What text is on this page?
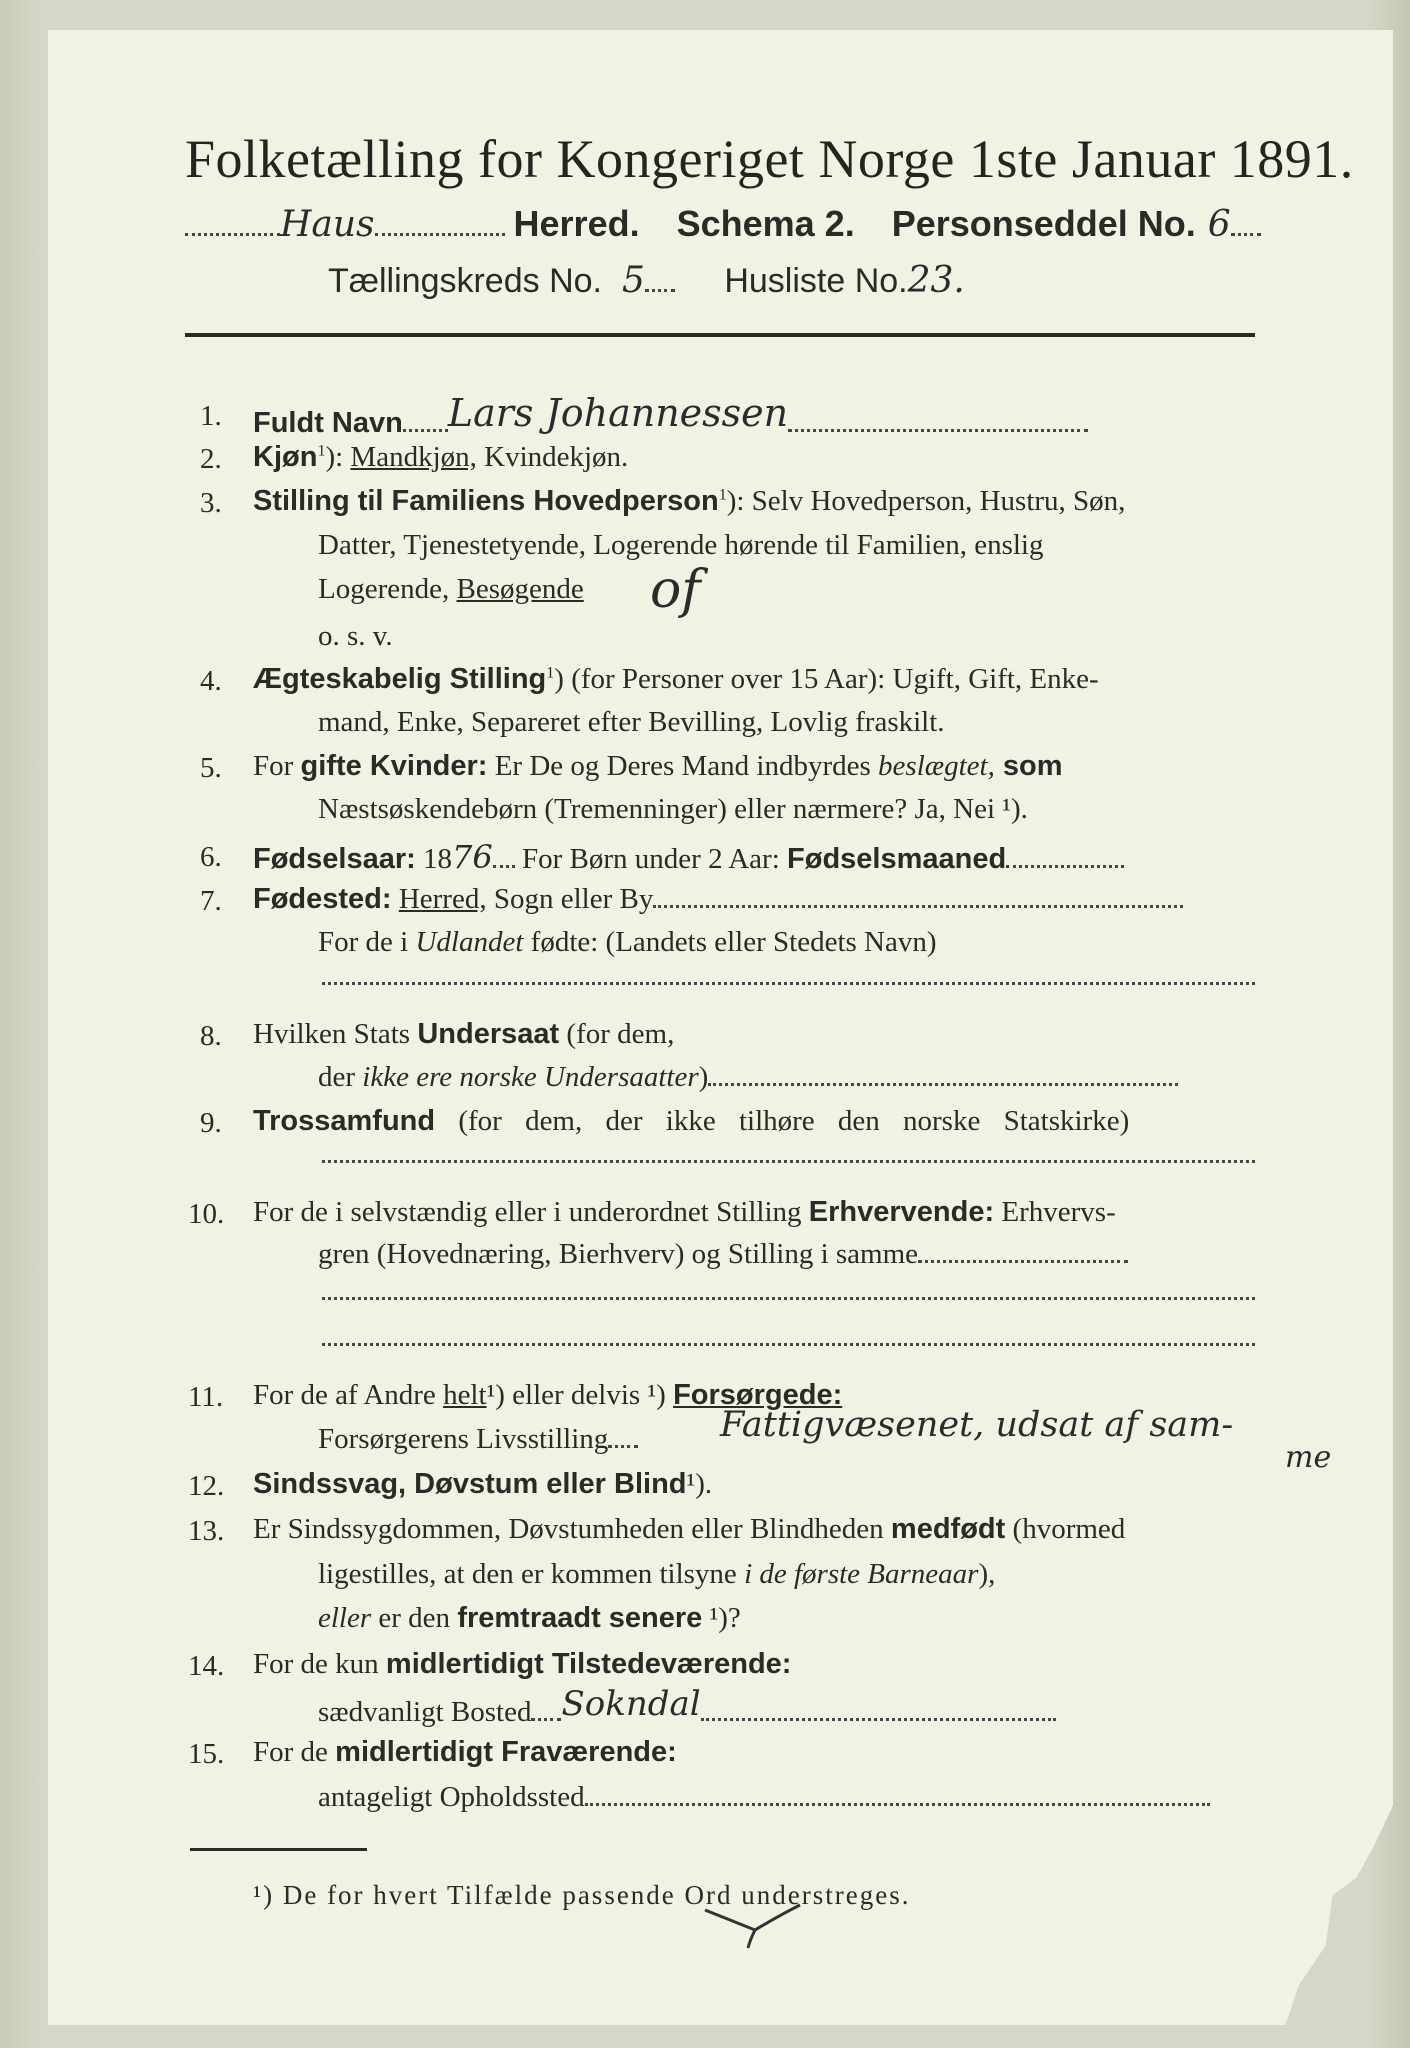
Folketælling for Kongeriget Norge 1ste Januar 1891.
Haus	Herred. Schema 2. Personseddel No. 6
Tællingskreds No. 5 Husliste No.23.
1. Fuldt Navn Lars Johannessen
2. Kjøn$^1$): Mandkjøn, Kvindekjøn.
3. Stilling til Familiens Hovedperson$^1$): Selv Hovedperson, Hustru, Søn,
Datter, Tjenestetyende, Logerende hørende til Familien, enslig
Logerende, Besøgende of
o. s. v.
4. Ægteskabelig Stilling$^1$) (for Personer over 15 Aar): Ugift, Gift, Enke-
mand, Enke, Separeret efter Bevilling, Lovlig fraskilt.
5. For gifte Kvinder: Er De og Deres Mand indbyrdes beslægtet, som
Næstsøskendebørn (Tremenninger) eller nærmere? Ja, Nei ¹).
6. Fødselsaar: 1876 For Børn under 2 Aar: Fødselsmaaned
7. Fødested: Herred, Sogn eller By
For de i Udlandet fødte: (Landets eller Stedets Navn)
8. Hvilken Stats Undersaat (for dem,
der ikke ere norske Undersaatter)
9. Trossamfund (for dem, der ikke tilhøre den norske Statskirke)
10. For de i selvstændig eller i underordnet Stilling Erhvervende: Erhvervs-
gren (Hovednæring, Bierhverv) og Stilling i samme
11. For de af Andre helt¹) eller delvis ¹) Forsørgede:
Forsørgerens Livsstilling	Fattigvæsenet, udsat af sam-
me
12. Sindssvag, Døvstum eller Blind¹).
13. Er Sindssygdommen, Døvstumheden eller Blindheden medfødt (hvormed
ligestilles, at den er kommen tilsyne i de første Barneaar),
eller er den fremtraadt senere ¹)?
14. For de kun midlertidigt Tilstedeværende:
sædvanligt Bosted Sokndal
15. For de midlertidigt Fraværende:
antageligt Opholdssted
¹) De for hvert Tilfælde passende Ord understreges.
